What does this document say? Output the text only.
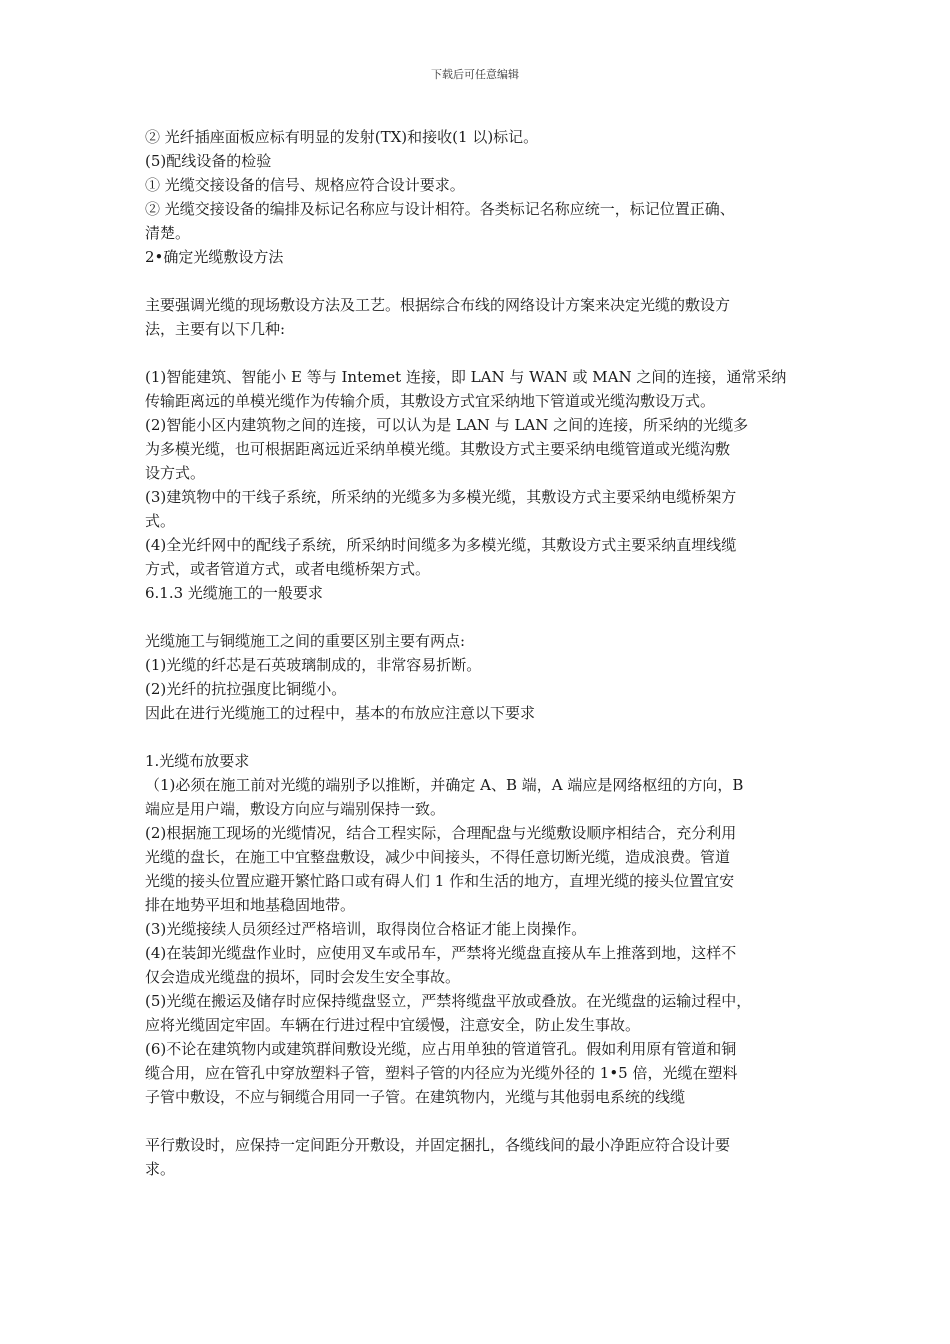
下载后可任意编辑

② 光纤插座面板应标有明显的发射(TX)和接收(1 以)标记。

(5)配线设备的检验

① 光缆交接设备的信号、规格应符合设计要求。

② 光缆交接设备的编排及标记名称应与设计相符。各类标记名称应统一，标记位置正确、

清楚。

2•确定光缆敷设方法

主要强调光缆的现场敷设方法及工艺。根据综合布线的网络设计方案来决定光缆的敷设方

法，主要有以下几种:

(1)智能建筑、智能小 E 等与 Intemet 连接，即 LAN 与 WAN 或 MAN 之间的连接，通常采纳

传输距离远的单模光缆作为传输介质，其敷设方式宜采纳地下管道或光缆沟敷设万式。

(2)智能小区内建筑物之间的连接，可以认为是 LAN 与 LAN 之间的连接，所采纳的光缆多

为多模光缆，也可根据距离远近采纳单模光缆。其敷设方式主要采纳电缆管道或光缆沟敷

设方式。

(3)建筑物中的干线子系统，所采纳的光缆多为多模光缆，其敷设方式主要采纳电缆桥架方

式。

(4)全光纤网中的配线子系统，所采纳时间缆多为多模光缆，其敷设方式主要采纳直埋线缆

方式，或者管道方式，或者电缆桥架方式。

6.1.3 光缆施工的一般要求

光缆施工与铜缆施工之间的重要区别主要有两点:

(1)光缆的纤芯是石英玻璃制成的，非常容易折断。

(2)光纤的抗拉强度比铜缆小。

因此在进行光缆施工的过程中，基本的布放应注意以下要求

1.光缆布放要求

（1)必须在施工前对光缆的端别予以推断，并确定 A、B 端，A 端应是网络枢纽的方向，B

端应是用户端，敷设方向应与端别保持一致。

(2)根据施工现场的光缆情况，结合工程实际，合理配盘与光缆敷设顺序相结合，充分利用

光缆的盘长，在施工中宜整盘敷设，减少中间接头，不得任意切断光缆，造成浪费。管道

光缆的接头位置应避开繁忙路口或有碍人们 1 作和生活的地方，直埋光缆的接头位置宜安

排在地势平坦和地基稳固地带。

(3)光缆接续人员须经过严格培训，取得岗位合格证才能上岗操作。

(4)在装卸光缆盘作业时，应使用叉车或吊车，严禁将光缆盘直接从车上推落到地，这样不

仅会造成光缆盘的损坏，同时会发生安全事故。

(5)光缆在搬运及储存时应保持缆盘竖立，严禁将缆盘平放或叠放。在光缆盘的运输过程中，

应将光缆固定牢固。车辆在行进过程中宜缓慢，注意安全，防止发生事故。

(6)不论在建筑物内或建筑群间敷设光缆，应占用单独的管道管孔。假如利用原有管道和铜

缆合用，应在管孔中穿放塑料子管，塑料子管的内径应为光缆外径的 1•5 倍，光缆在塑料

子管中敷设，不应与铜缆合用同一子管。在建筑物内，光缆与其他弱电系统的线缆

平行敷设时，应保持一定间距分开敷设，并固定捆扎，各缆线间的最小净距应符合设计要

求。
